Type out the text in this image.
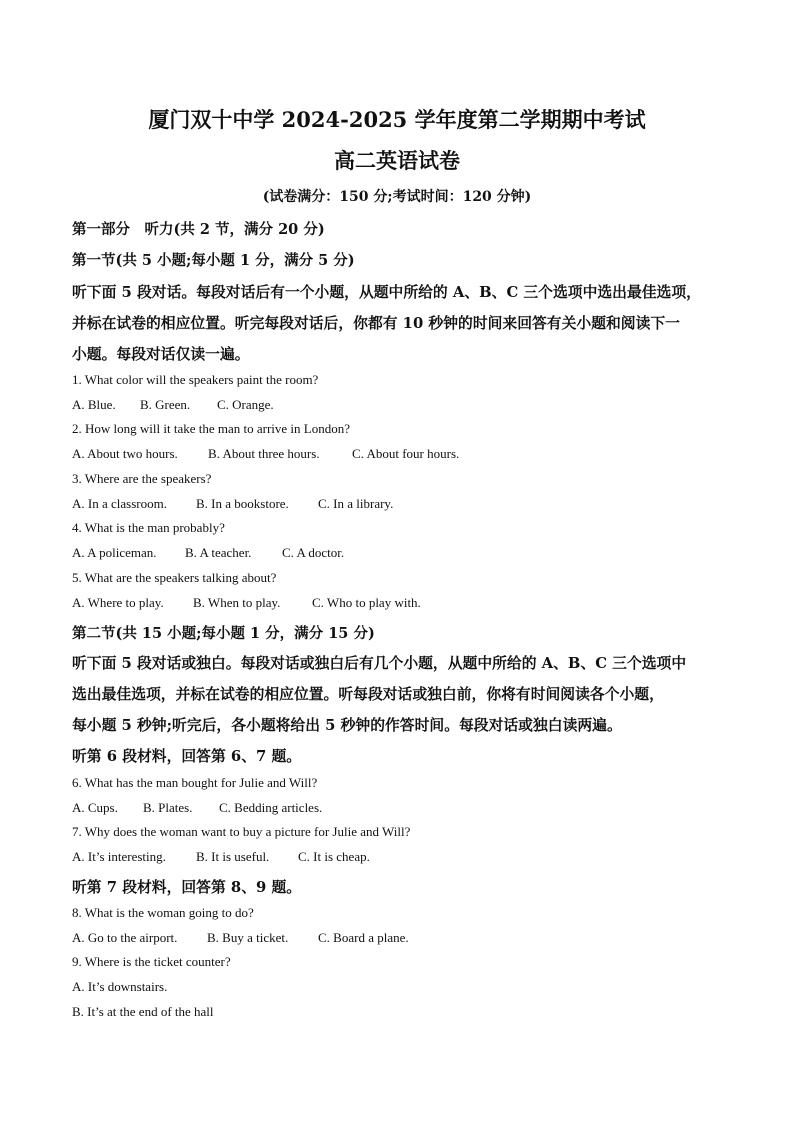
厦门双十中学 2024-2025 学年度第二学期期中考试
高二英语试卷
(试卷满分：150 分;考试时间：120 分钟)
第一部分　听力(共 2 节，满分 20 分)
第一节(共 5 小题;每小题 1 分，满分 5 分)
听下面 5 段对话。每段对话后有一个小题，从题中所给的 A、B、C 三个选项中选出最佳选项，
并标在试卷的相应位置。听完每段对话后，你都有 10 秒钟的时间来回答有关小题和阅读下一
小题。每段对话仅读一遍。
1. What color will the speakers paint the room?
A. Blue. B. Green. C. Orange.
2. How long will it take the man to arrive in London?
A. About two hours. B. About three hours. C. About four hours.
3. Where are the speakers?
A. In a classroom. B. In a bookstore. C. In a library.
4. What is the man probably?
A. A policeman. B. A teacher. C. A doctor.
5. What are the speakers talking about?
A. Where to play. B. When to play. C. Who to play with.
第二节(共 15 小题;每小题 1 分，满分 15 分)
听下面 5 段对话或独白。每段对话或独白后有几个小题，从题中所给的 A、B、C 三个选项中
选出最佳选项，并标在试卷的相应位置。听每段对话或独白前，你将有时间阅读各个小题，
每小题 5 秒钟;听完后，各小题将给出 5 秒钟的作答时间。每段对话或独白读两遍。
听第 6 段材料，回答第 6、7 题。
6. What has the man bought for Julie and Will?
A. Cups. B. Plates. C. Bedding articles.
7. Why does the woman want to buy a picture for Julie and Will?
A. It’s interesting. B. It is useful. C. It is cheap.
听第 7 段材料，回答第 8、9 题。
8. What is the woman going to do?
A. Go to the airport. B. Buy a ticket. C. Board a plane.
9. Where is the ticket counter?
A. It’s downstairs.
B. It’s at the end of the hall
